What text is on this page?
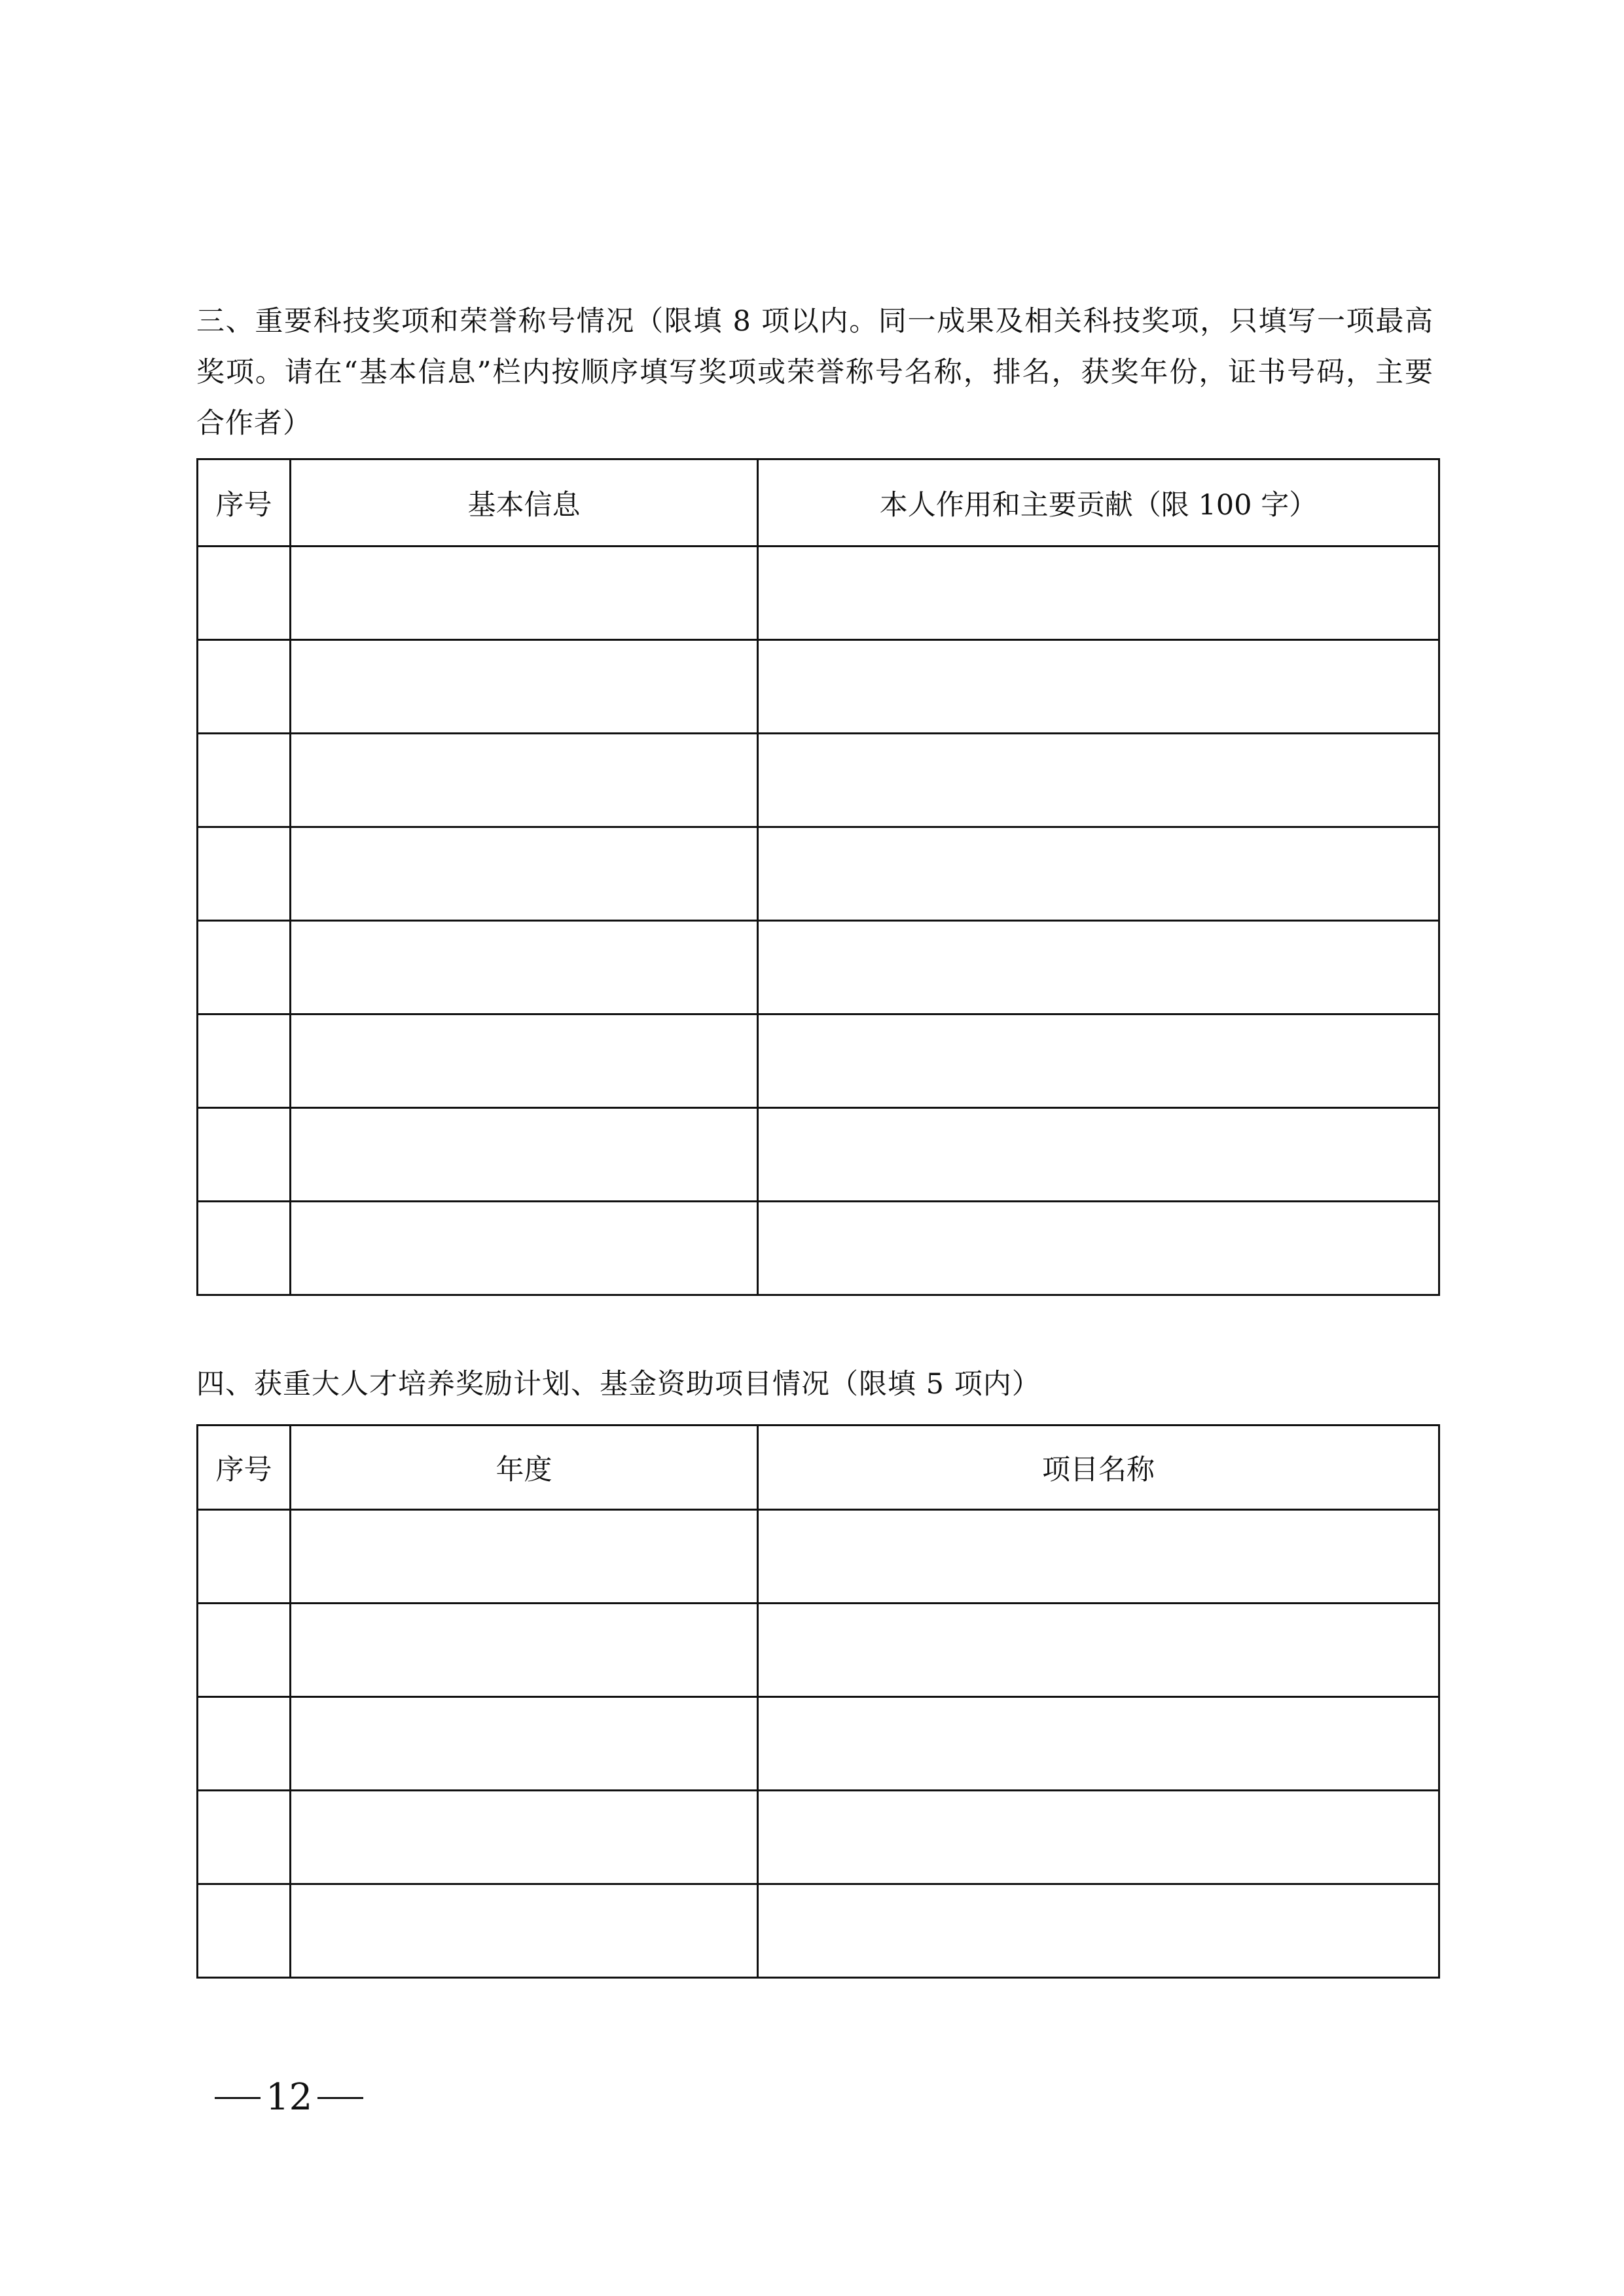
三、重要科技奖项和荣誉称号情况（限填 8 项以内。同一成果及相关科技奖项，只填写一项最高奖项。请在“基本信息”栏内按顺序填写奖项或荣誉称号名称，排名，获奖年份，证书号码，主要合作者）

序号	基本信息	本人作用和主要贡献（限 100 字）

四、获重大人才培养奖励计划、基金资助项目情况（限填 5 项内）

序号	年度	项目名称

12
